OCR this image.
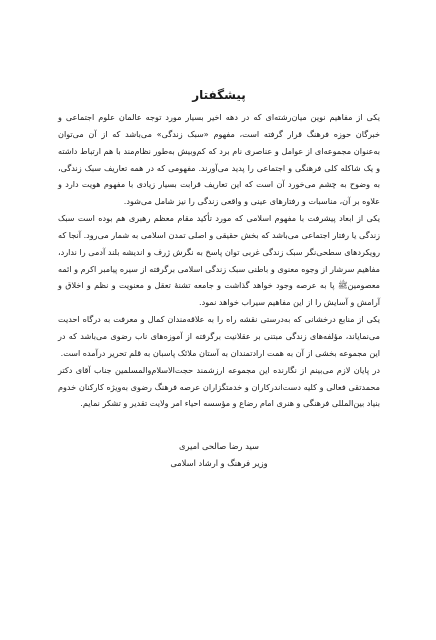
پیشگفتار

یکی از مفاهیم نوین میان‌رشته‌ای که در دهه اخیر بسیار مورد توجه عالمان علوم اجتماعی و خبرگان حوزه فرهنگ قرار گرفته است، مفهوم «سبک زندگی» می‌باشد که از آن می‌توان به‌عنوان مجموعه‌ای از عوامل و عناصری نام برد که کم‌وبیش به‌طور نظام‌مند با هم ارتباط داشته و یک شاکله کلی فرهنگی و اجتماعی را پدید می‌آورند. مفهومی که در همه تعاریف سبک زندگی، به وضوح به چشم می‌خورد آن است که این تعاریف قرابت بسیار زیادی با مفهوم هویت دارد و علاوه بر آن، مناسبات و رفتارهای عینی و واقعی زندگی را نیز شامل می‌شود.

یکی از ابعاد پیشرفت با مفهوم اسلامی که مورد تأکید مقام معظم رهبری هم بوده است سبک زندگی یا رفتار اجتماعی می‌باشد که بخش حقیقی و اصلی تمدن اسلامی به شمار می‌رود. آنجا که رویکردهای سطحی‌نگر سبک زندگی غربی توان پاسخ به نگرش ژرف و اندیشه بلند آدمی را ندارد، مفاهیم سرشار از وجوه معنوی و باطنی سبک زندگی اسلامی برگرفته از سیره پیامبر اکرم و ائمه معصومینﷺ پا به عرصه وجود خواهد گذاشت و جامعه تشنهٔ تعقل و معنویت و نظم و اخلاق و آرامش و آسایش را از این مفاهیم سیراب خواهد نمود.

یکی از منابع درخشانی که به‌درستی نقشه راه را به علاقه‌مندان کمال و معرفت به درگاه احدیت می‌نمایاند، مؤلفه‌های زندگی مبتنی بر عقلانیت برگرفته از آموزه‌های ناب رضوی می‌باشد که در این مجموعه بخشی از آن به همت ارادتمندان به آستان ملائک پاسبان به قلم تحریر درآمده است.

در پایان لازم می‌بینم از نگارنده این مجموعه ارزشمند حجت‌الاسلام‌والمسلمین جناب آقای دکتر محمدتقی فعالی و کلیه دست‌اندرکاران و خدمتگزاران عرصه فرهنگ رضوی به‌ویژه کارکنان خدوم بنیاد بین‌المللی فرهنگی و هنری امام رضاع و مؤسسه احیاء امر ولایت تقدیر و تشکر نمایم.

سید رضا صالحی امیری
وزیر فرهنگ و ارشاد اسلامی
